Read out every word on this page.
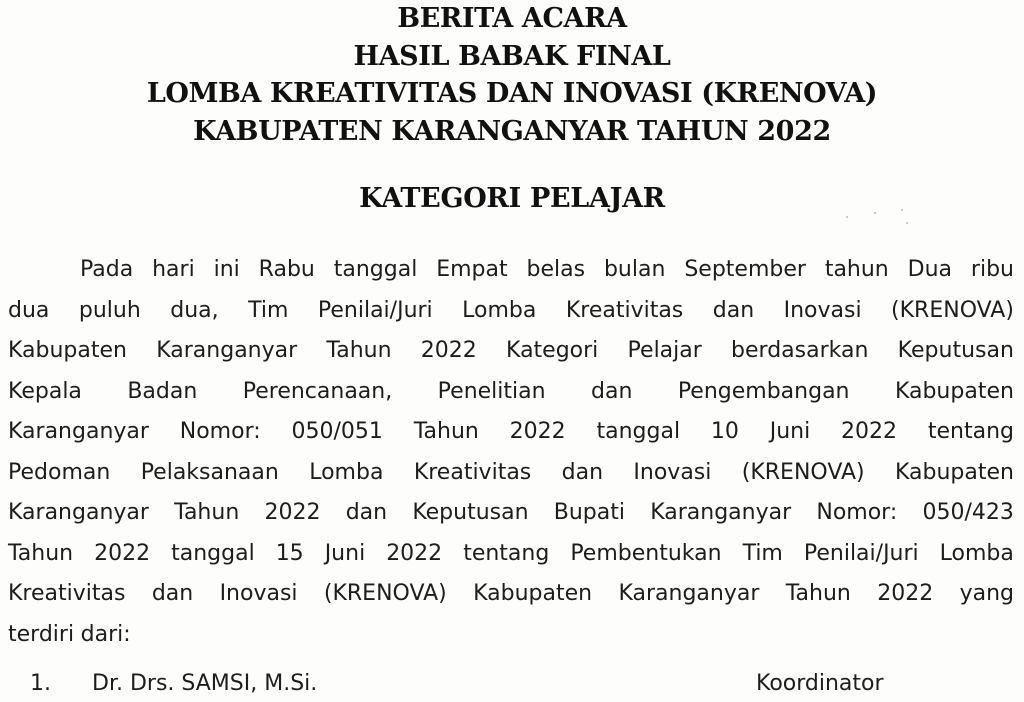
BERITA ACARA
HASIL BABAK FINAL
LOMBA KREATIVITAS DAN INOVASI (KRENOVA)
KABUPATEN KARANGANYAR TAHUN 2022
KATEGORI PELAJAR
Pada hari ini Rabu tanggal Empat belas bulan September tahun Dua ribu
dua puluh dua, Tim Penilai/Juri Lomba Kreativitas dan Inovasi (KRENOVA)
Kabupaten Karanganyar Tahun 2022 Kategori Pelajar berdasarkan Keputusan
Kepala Badan Perencanaan, Penelitian dan Pengembangan Kabupaten
Karanganyar Nomor: 050/051 Tahun 2022 tanggal 10 Juni 2022 tentang
Pedoman Pelaksanaan Lomba Kreativitas dan Inovasi (KRENOVA) Kabupaten
Karanganyar Tahun 2022 dan Keputusan Bupati Karanganyar Nomor: 050/423
Tahun 2022 tanggal 15 Juni 2022 tentang Pembentukan Tim Penilai/Juri Lomba
Kreativitas dan Inovasi (KRENOVA) Kabupaten Karanganyar Tahun 2022 yang
terdiri dari:
1. Dr. Drs. SAMSI, M.Si.	Koordinator
